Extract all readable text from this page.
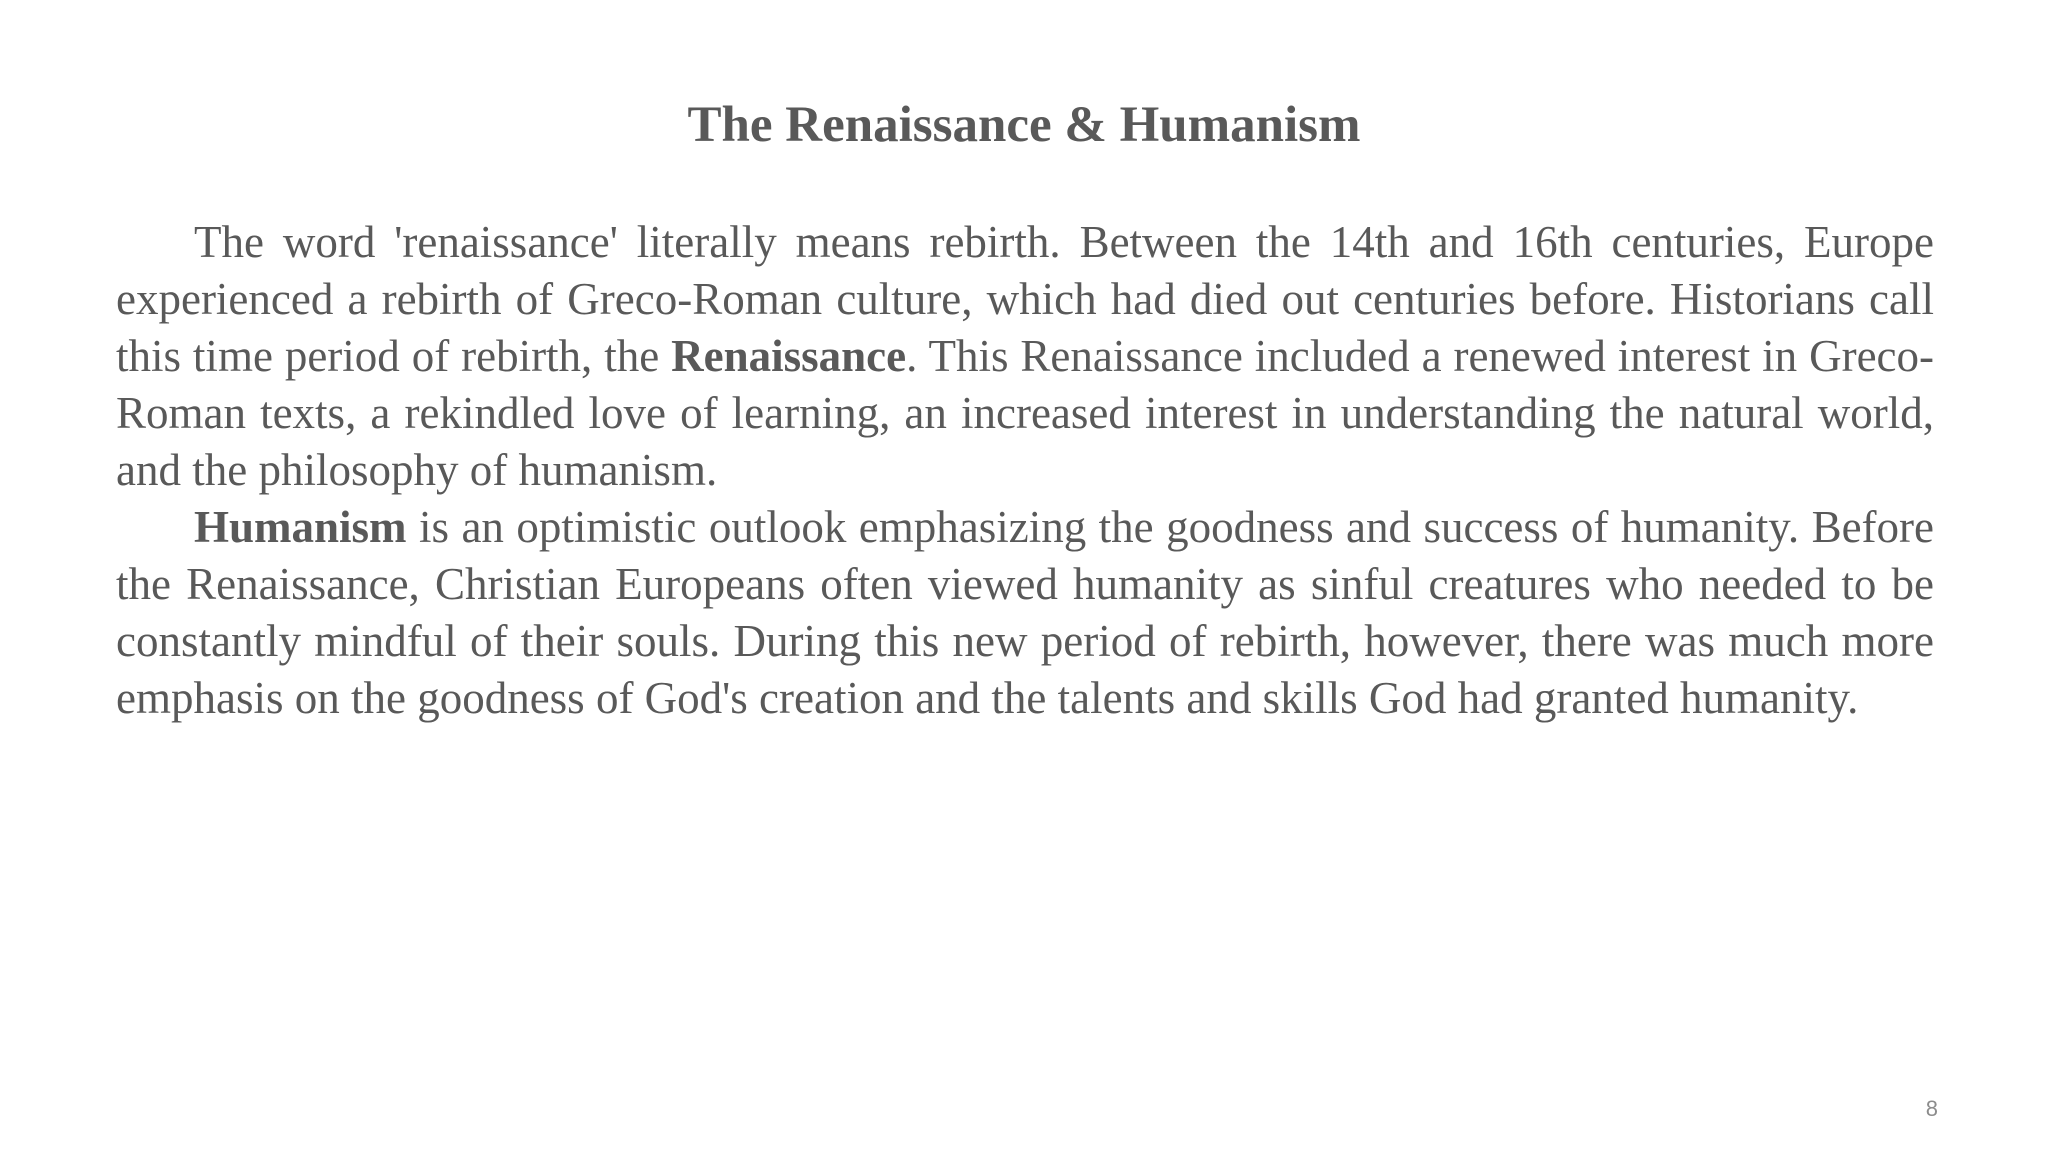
The Renaissance & Humanism

The word 'renaissance' literally means rebirth. Between the 14th and 16th centuries, Europe experienced a rebirth of Greco-Roman culture, which had died out centuries before. Historians call this time period of rebirth, the Renaissance. This Renaissance included a renewed interest in Greco-Roman texts, a rekindled love of learning, an increased interest in understanding the natural world, and the philosophy of humanism.

Humanism is an optimistic outlook emphasizing the goodness and success of humanity. Before the Renaissance, Christian Europeans often viewed humanity as sinful creatures who needed to be constantly mindful of their souls. During this new period of rebirth, however, there was much more emphasis on the goodness of God's creation and the talents and skills God had granted humanity.

8
